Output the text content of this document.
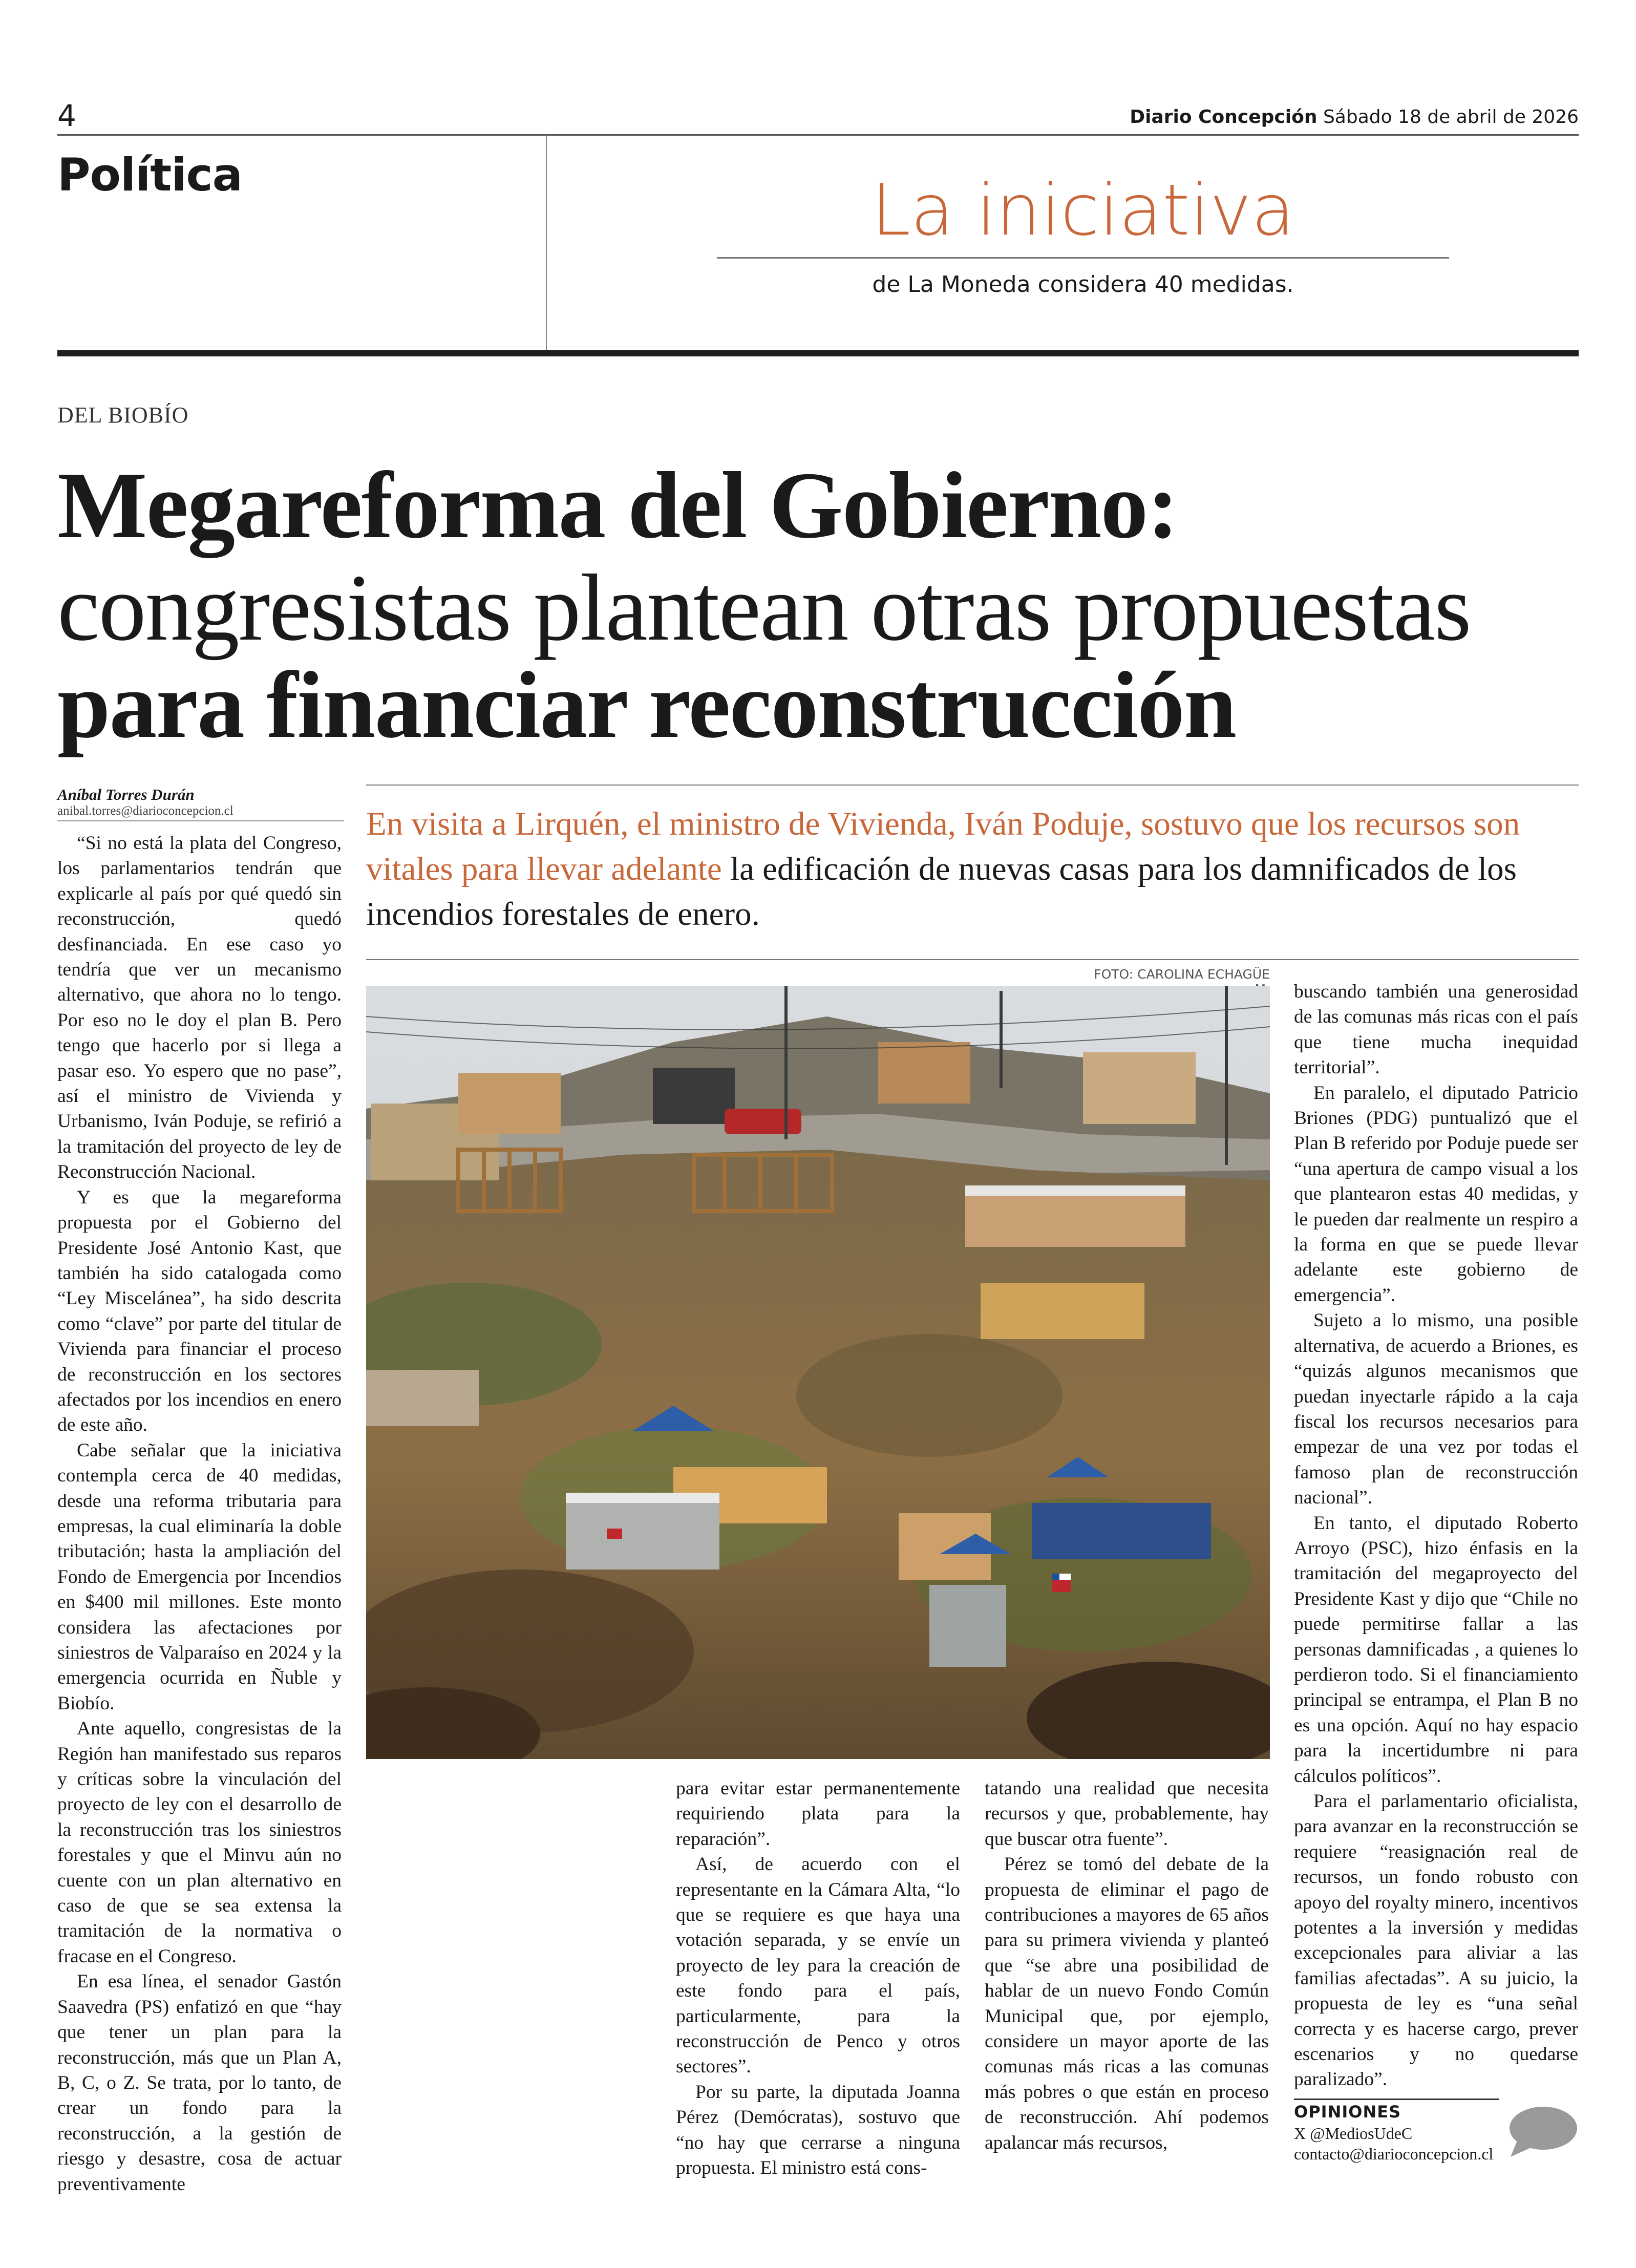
4	Diario Concepción Sábado 18 de abril de 2026
Política	La iniciativa
de La Moneda considera 40 medidas.
DEL BIOBÍO
Megareforma del Gobierno:
congresistas plantean otras propuestas
para financiar reconstrucción
Aníbal Torres Durán
anibal.torres@diarioconcepcion.cl	En visita a Lirquén, el ministro de Vivienda, Iván Poduje, sostuvo que los recursos son vitales para llevar adelante la edificación de nuevas casas para los damnificados de los incendios forestales de enero.
FOTO: CAROLINA ECHAGÜE

“Si no está la plata del Congreso, los parlamentarios tendrán que explicarle al país por qué quedó sin reconstrucción, quedó desfinanciada. En ese caso yo tendría que ver un mecanismo alternativo, que ahora no lo tengo. Por eso no le doy el plan B. Pero tengo que hacerlo por si llega a pasar eso. Yo espero que no pase”, así el ministro de Vivienda y Urbanismo, Iván Poduje, se refirió a la tramitación del proyecto de ley de Reconstrucción Nacional.

Y es que la megareforma propuesta por el Gobierno del Presidente José Antonio Kast, que también ha sido catalogada como “Ley Miscelánea”, ha sido descrita como “clave” por parte del titular de Vivienda para financiar el proceso de reconstrucción en los sectores afectados por los incendios en enero de este año.

Cabe señalar que la iniciativa contempla cerca de 40 medidas, desde una reforma tributaria para empresas, la cual eliminaría la doble tributación; hasta la ampliación del Fondo de Emergencia por Incendios en $400 mil millones. Este monto considera las afectaciones por siniestros de Valparaíso en 2024 y la emergencia ocurrida en Ñuble y Biobío.

Ante aquello, congresistas de la Región han manifestado sus reparos y críticas sobre la vinculación del proyecto de ley con el desarrollo de la reconstrucción tras los siniestros forestales y que el Minvu aún no cuente con un plan alternativo en caso de que se sea extensa la tramitación de la normativa o fracase en el Congreso.

En esa línea, el senador Gastón Saavedra (PS) enfatizó en que “hay que tener un plan para la reconstrucción, más que un Plan A, B, C, o Z. Se trata, por lo tanto, de crear un fondo para la reconstrucción, a la gestión de riesgo y desastre, cosa de actuar preventivamente

para evitar estar permanentemente requiriendo plata para la reparación”.

Así, de acuerdo con el representante en la Cámara Alta, “lo que se requiere es que haya una votación separada, y se envíe un proyecto de ley para la creación de este fondo para el país, particularmente, para la reconstrucción de Penco y otros sectores”.

Por su parte, la diputada Joanna Pérez (Demócratas), sostuvo que “no hay que cerrarse a ninguna propuesta. El ministro está cons-

tatando una realidad que necesita recursos y que, probablemente, hay que buscar otra fuente”.

Pérez se tomó del debate de la propuesta de eliminar el pago de contribuciones a mayores de 65 años para su primera vivienda y planteó que “se abre una posibilidad de hablar de un nuevo Fondo Común Municipal que, por ejemplo, considere un mayor aporte de las comunas más ricas a las comunas más pobres o que están en proceso de reconstrucción. Ahí podemos apalancar más recursos,

buscando también una generosidad de las comunas más ricas con el país que tiene mucha inequidad territorial”.

En paralelo, el diputado Patricio Briones (PDG) puntualizó que el Plan B referido por Poduje puede ser “una apertura de campo visual a los que plantearon estas 40 medidas, y le pueden dar realmente un respiro a la forma en que se puede llevar adelante este gobierno de emergencia”.

Sujeto a lo mismo, una posible alternativa, de acuerdo a Briones, es “quizás algunos mecanismos que puedan inyectarle rápido a la caja fiscal los recursos necesarios para empezar de una vez por todas el famoso plan de reconstrucción nacional”.

En tanto, el diputado Roberto Arroyo (PSC), hizo énfasis en la tramitación del megaproyecto del Presidente Kast y dijo que “Chile no puede permitirse fallar a las personas damnificadas , a quienes lo perdieron todo. Si el financiamiento principal se entrampa, el Plan B no es una opción. Aquí no hay espacio para la incertidumbre ni para cálculos políticos”.

Para el parlamentario oficialista, para avanzar en la reconstrucción se requiere “reasignación real de recursos, un fondo robusto con apoyo del royalty minero, incentivos potentes a la inversión y medidas excepcionales para aliviar a las familias afectadas”. A su juicio, la propuesta de ley es “una señal correcta y es hacerse cargo, prever escenarios y no quedarse paralizado”.

OPINIONES
X @MediosUdeC
contacto@diarioconcepcion.cl
